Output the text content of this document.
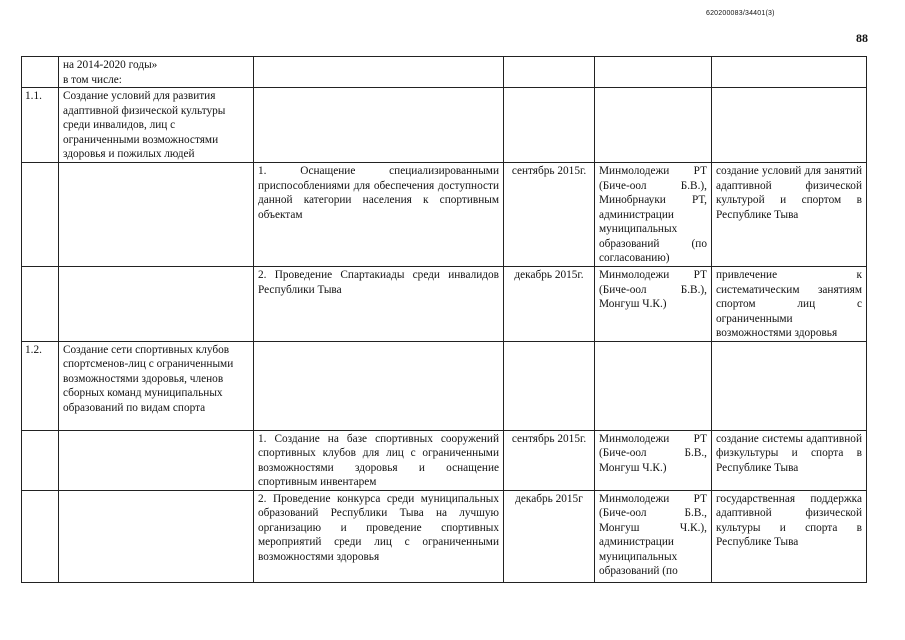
620200083/34401(3)
88
	на 2014-2020 годы»
в том числе:				
1.1.	Создание условий для развития адаптивной физической культуры среди инвалидов, лиц с ограниченными возможностями здоровья и пожилых людей				
		1. Оснащение специализированными приспособлениями для обеспечения доступности данной категории населения к спортивным объектам	сентябрь 2015г.	Минмолодежи РТ (Биче-оол Б.В.), Минобрнауки РТ, администрации муниципальных образований (по согласованию)	создание условий для занятий адаптивной физической культурой и спортом в Республике Тыва
		2. Проведение Спартакиады среди инвалидов Республики Тыва	декабрь 2015г.	Минмолодежи РТ (Биче-оол Б.В.), Монгуш Ч.К.)	привлечение к систематическим занятиям спортом лиц с ограниченными возможностями здоровья
1.2.	Создание сети спортивных клубов спортсменов-лиц с ограниченными возможностями здоровья, членов сборных команд муниципальных образований по видам спорта				
		1. Создание на базе спортивных сооружений спортивных клубов для лиц с ограниченными возможностями здоровья и оснащение спортивным инвентарем	сентябрь 2015г.	Минмолодежи РТ (Биче-оол Б.В., Монгуш Ч.К.)	создание системы адаптивной физкультуры и спорта в Республике Тыва
		2. Проведение конкурса среди муниципальных образований Республики Тыва на лучшую организацию и проведение спортивных мероприятий среди лиц с ограниченными возможностями здоровья	декабрь 2015г	Минмолодежи РТ (Биче-оол Б.В., Монгуш Ч.К.), администрации муниципальных образований (по	государственная поддержка адаптивной физической культуры и спорта в Республике Тыва
